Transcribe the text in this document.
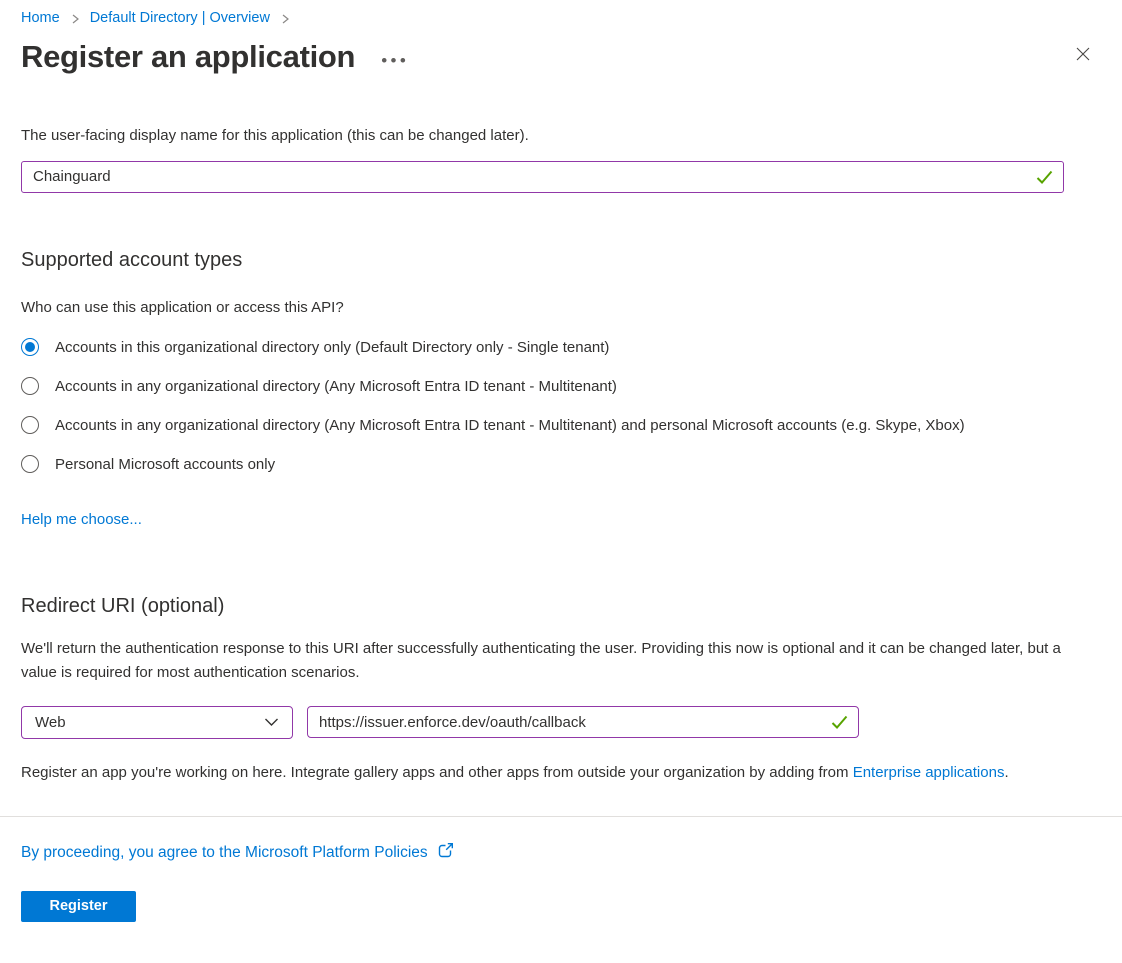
Home Default Directory | Overview
Register an application • • •
The user-facing display name for this application (this can be changed later).
Chainguard
Supported account types
Who can use this application or access this API?
Accounts in this organizational directory only (Default Directory only - Single tenant)
Accounts in any organizational directory (Any Microsoft Entra ID tenant - Multitenant)
Accounts in any organizational directory (Any Microsoft Entra ID tenant - Multitenant) and personal Microsoft accounts (e.g. Skype, Xbox)
Personal Microsoft accounts only
Help me choose...
Redirect URI (optional)
We'll return the authentication response to this URI after successfully authenticating the user. Providing this now is optional and it can be changed later, but a value is required for most authentication scenarios.
Web
https://issuer.enforce.dev/oauth/callback
Register an app you're working on here. Integrate gallery apps and other apps from outside your organization by adding from Enterprise applications.
By proceeding, you agree to the Microsoft Platform Policies
Register
